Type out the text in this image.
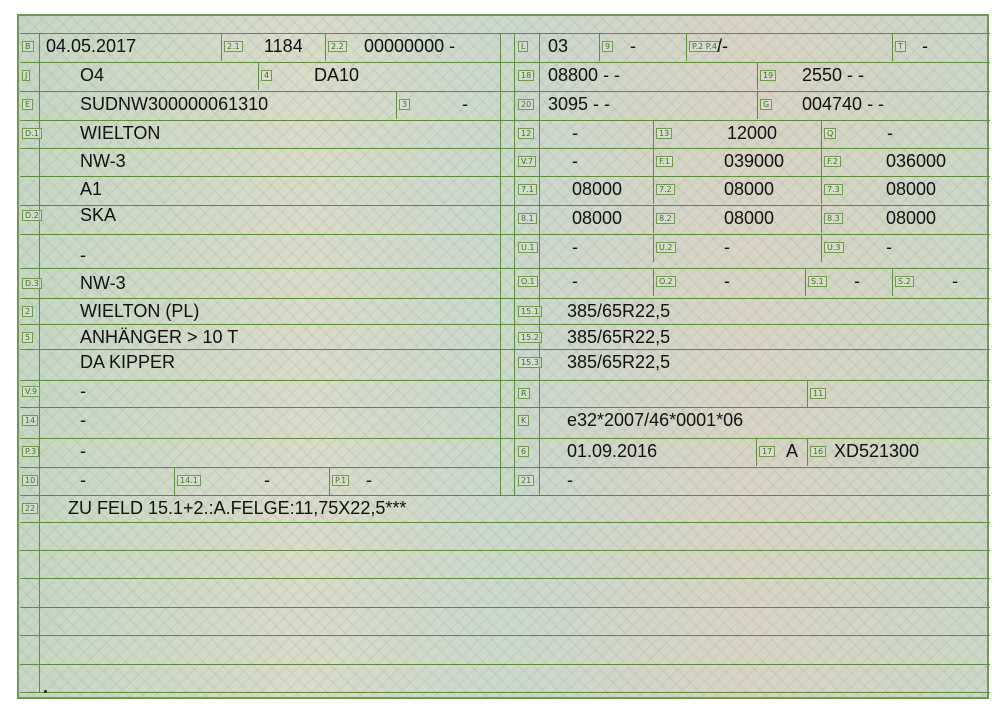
B 04.05.2017	2.1 1184	2.2 00000000 -
J	O4	4 DA10
E	SUDNW300000061310	3	-
D.1 WIELTON
NW-3
A1
D.2 SKA
-
D.3 NW-3
2	WIELTON (PL)
5	ANHÄNGER > 10 T
DA KIPPER
V.9 -
14 -
P.3 -
10 -	14.1	-	P.1 -
L 03	9 -	P.2 P.4 /-	T -
18 08800 - -	19 2550 - -
20 3095 - -	G 004740 - -
12 -	13	12000	Q	-
V.7 -	F.1	039000	F.2	036000
7.1 08000	7.2	08000	7.3	08000
8.1 08000	8.2	08000	8.3	08000
U.1 -	U.2	-	U.3	-
O.1 -	O.2	-	S.1 -	S.2 -
15.1 385/65R22,5
15.2 385/65R22,5
15.3 385/65R22,5
R	11
K e32*2007/46*0001*06
6 01.09.2016	17 A	16 XD521300
21 -
22 ZU FELD 15.1+2.:A.FELGE:11,75X22,5***
